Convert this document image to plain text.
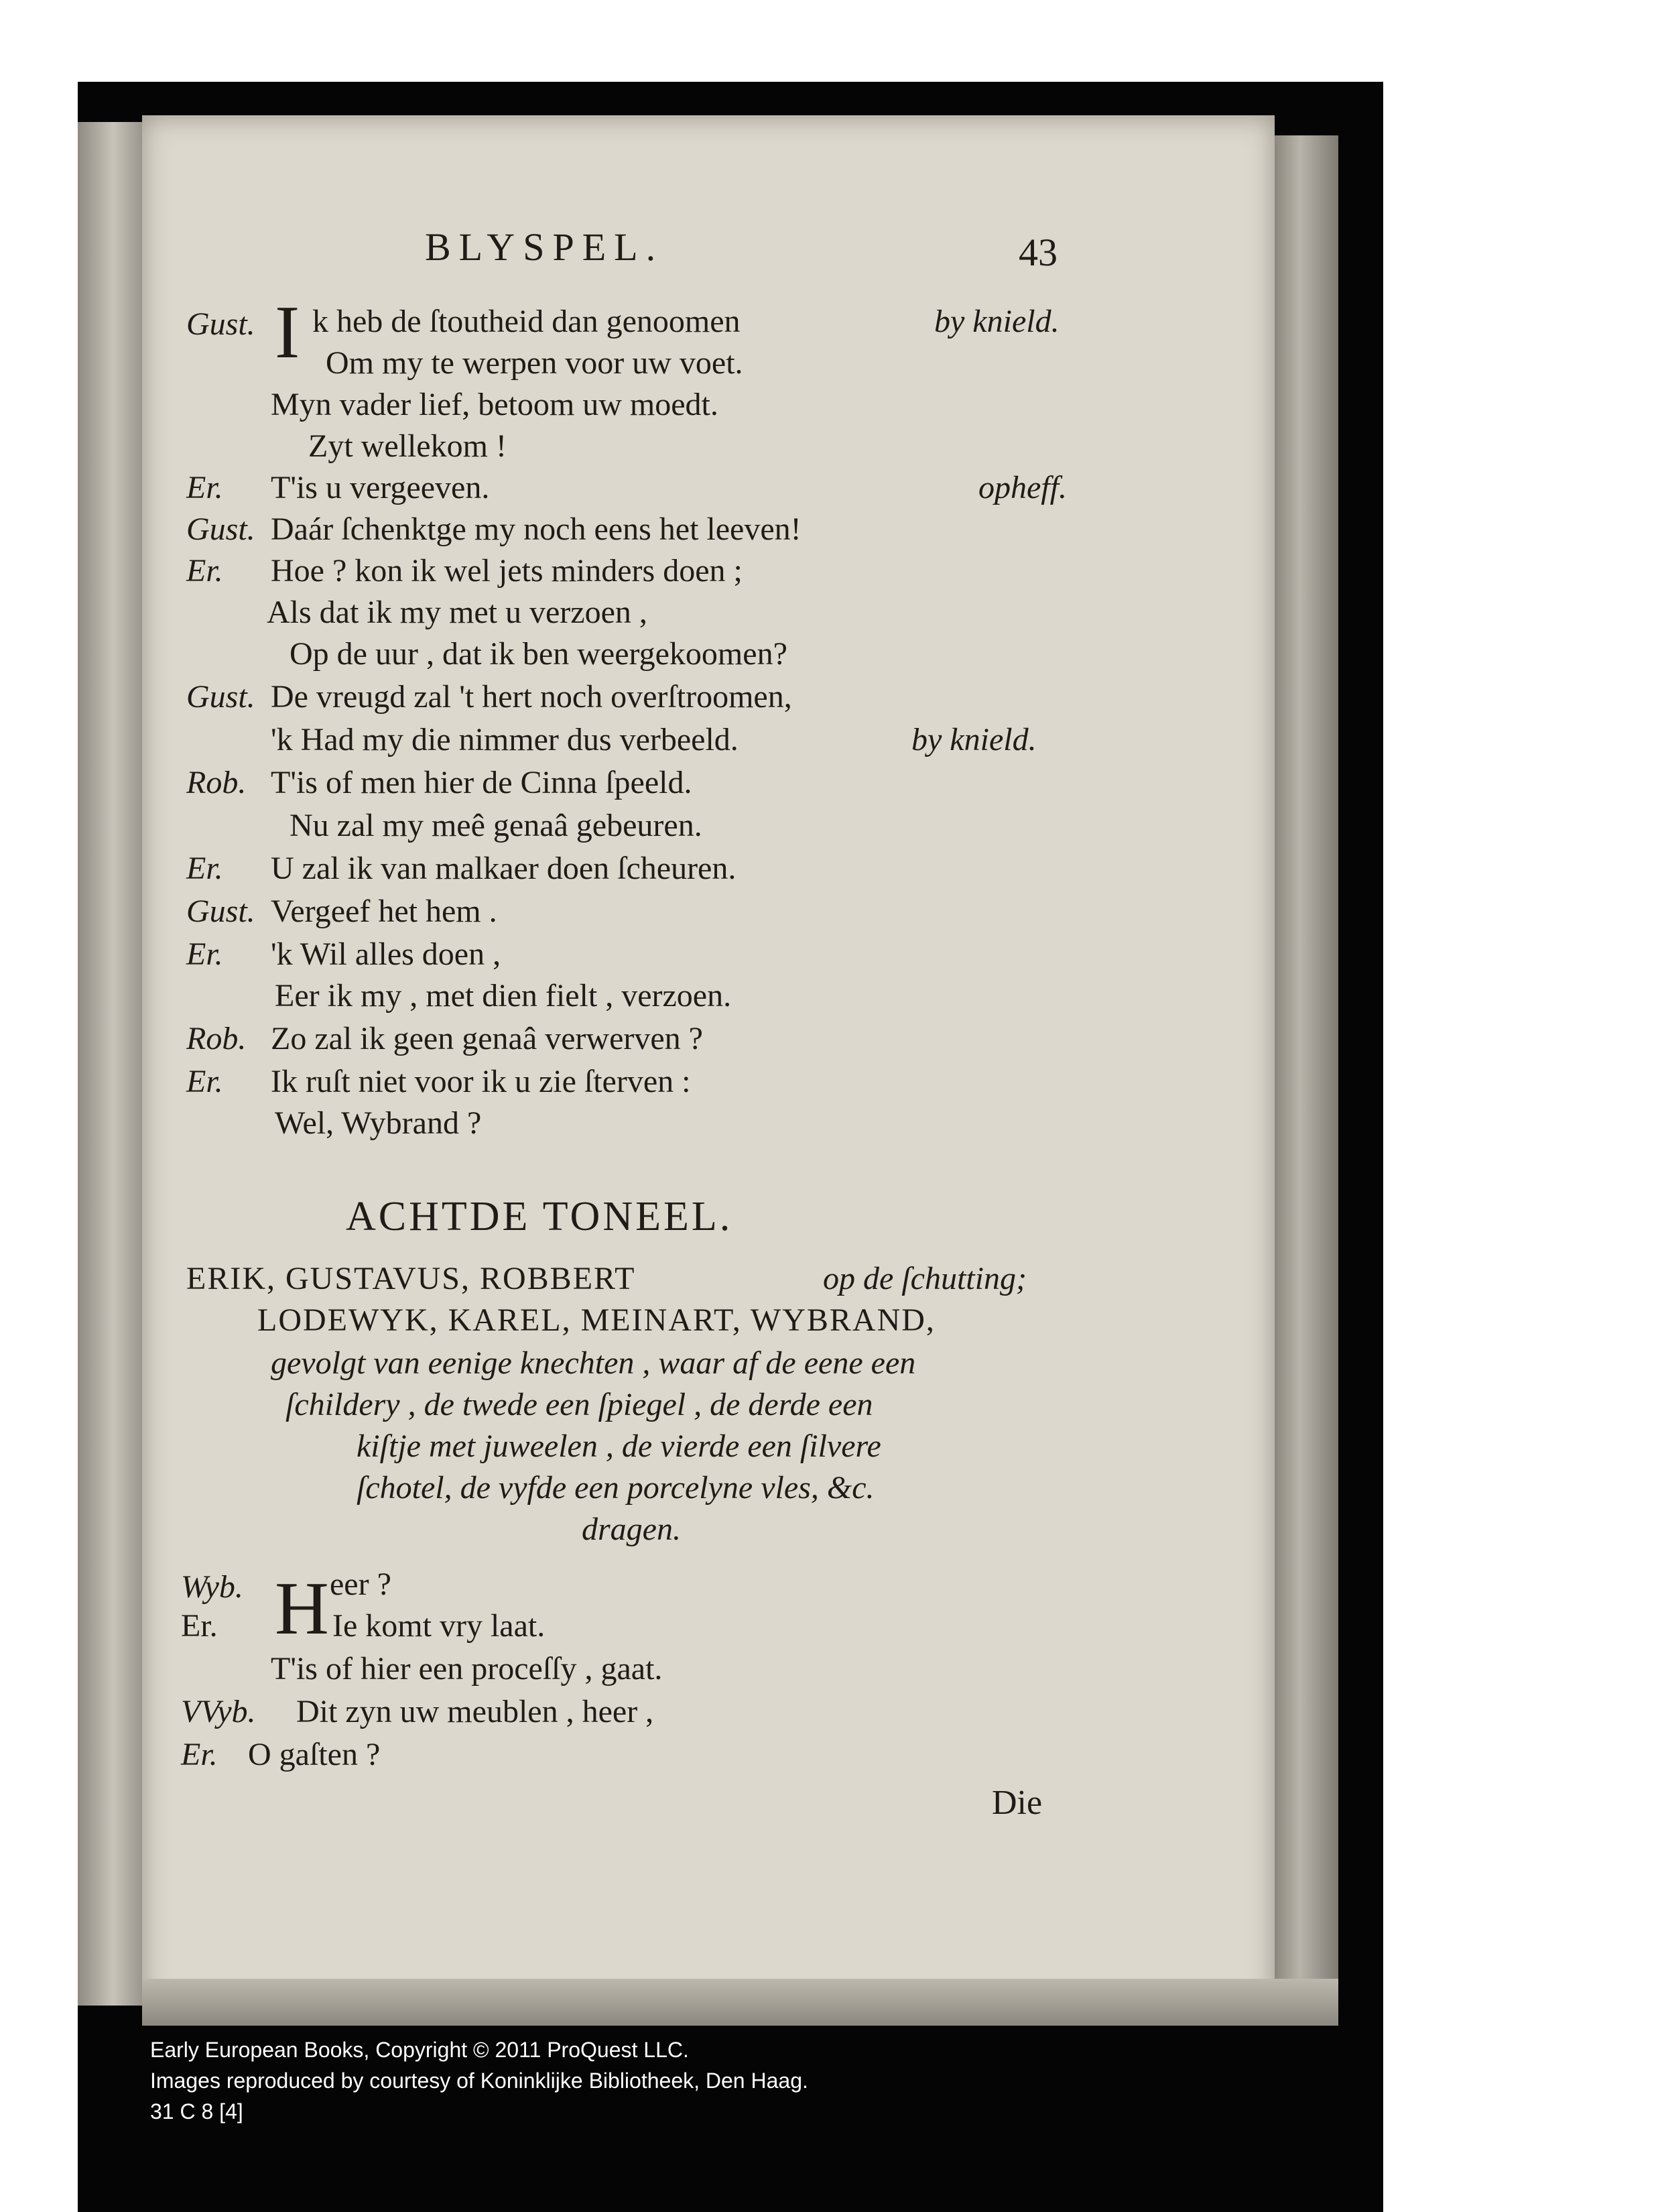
BLYSPEL.	43
Gust. I k heb de ſtoutheid dan genoomen	by knield.
Om my te werpen voor uw voet.
Myn vader lief, betoom uw moedt.
Zyt wellekom !
Er. T'is u vergeeven.	opheff.
Gust. Daár ſchenktge my noch eens het leeven!
Er. Hoe ? kon ik wel jets minders doen ;
Als dat ik my met u verzoen ,
Op de uur , dat ik ben weergekoomen?
Gust. De vreugd zal 't hert noch overſtroomen,
'k Had my die nimmer dus verbeeld.	by knield.
Rob. T'is of men hier de Cinna ſpeeld.
Nu zal my meê genaâ gebeuren.
Er. U zal ik van malkaer doen ſcheuren.
Gust. Vergeef het hem .
Er. 'k Wil alles doen ,
Eer ik my , met dien fielt , verzoen.
Rob. Zo zal ik geen genaâ verwerven ?
Er. Ik ruſt niet voor ik u zie ſterven :
Wel, Wybrand ?
ACHTDE TONEEL.
ERIK, GUSTAVUS, ROBBERT	op de ſchutting;
LODEWYK, KAREL, MEINART, WYBRAND,
gevolgt van eenige knechten , waar af de eene een
ſchildery , de twede een ſpiegel , de derde een
kiſtje met juweelen , de vierde een ſilvere
ſchotel, de vyfde een porcelyne vles, &c.
dragen.
Wyb. H eer ?
Er.	Ie komt vry laat.
T'is of hier een proceſſy , gaat.
VVyb. Dit zyn uw meublen , heer ,
Er. O gaſten ?
Die
Early European Books, Copyright © 2011 ProQuest LLC.
Images reproduced by courtesy of Koninklijke Bibliotheek, Den Haag.
31 C 8 [4]
